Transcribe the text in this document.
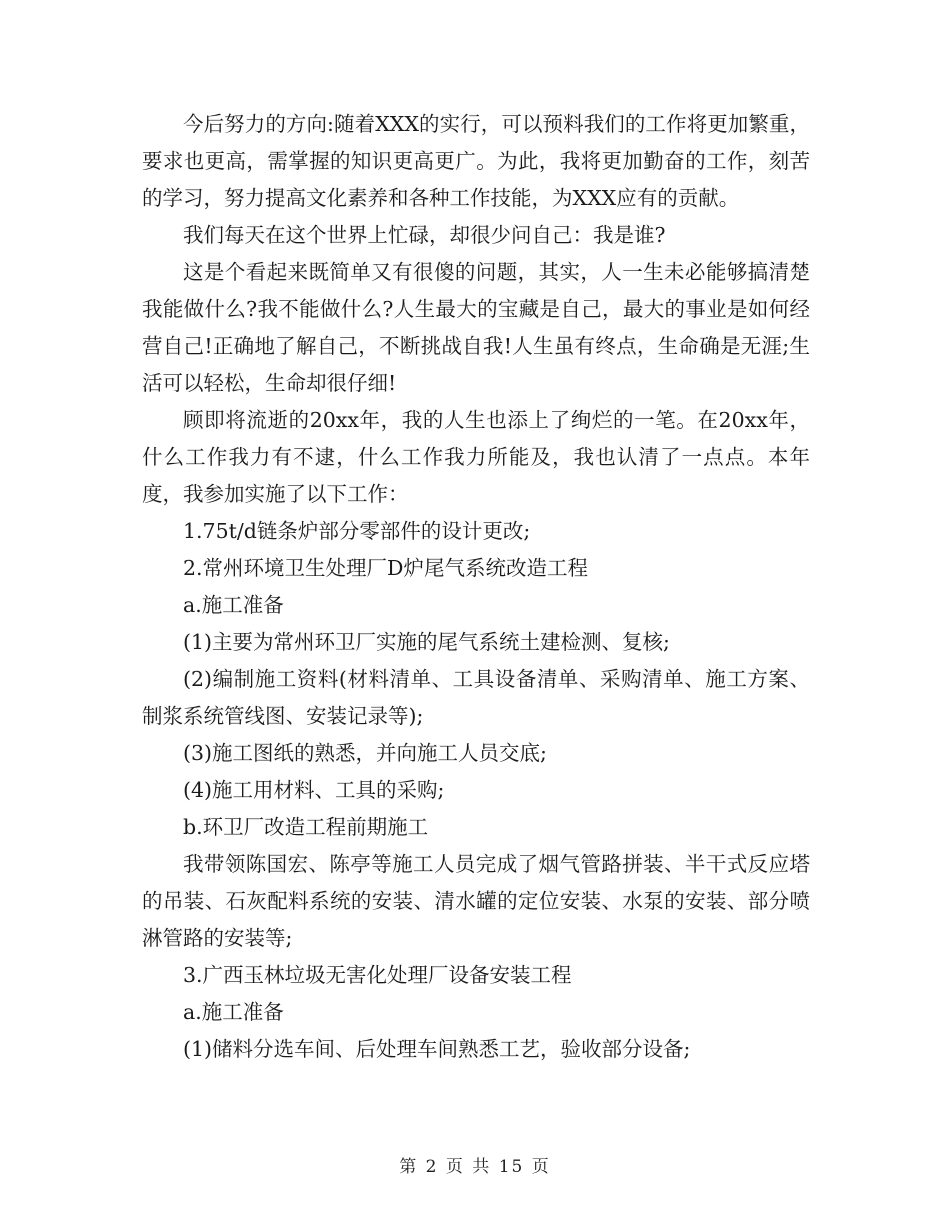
今后努力的方向:随着XXX的实行，可以预料我们的工作将更加繁重，要求也更高，需掌握的知识更高更广。为此，我将更加勤奋的工作，刻苦的学习，努力提高文化素养和各种工作技能，为XXX应有的贡献。

我们每天在这个世界上忙碌，却很少问自己：我是谁?

这是个看起来既简单又有很傻的问题，其实，人一生未必能够搞清楚我能做什么?我不能做什么?人生最大的宝藏是自己，最大的事业是如何经营自己!正确地了解自己，不断挑战自我!人生虽有终点，生命确是无涯;生活可以轻松，生命却很仔细!

顾即将流逝的20xx年，我的人生也添上了绚烂的一笔。在20xx年，什么工作我力有不逮，什么工作我力所能及，我也认清了一点点。本年度，我参加实施了以下工作：

1.75t/d链条炉部分零部件的设计更改;

2.常州环境卫生处理厂D炉尾气系统改造工程

a.施工准备

(1)主要为常州环卫厂实施的尾气系统土建检测、复核;

(2)编制施工资料(材料清单、工具设备清单、采购清单、施工方案、制浆系统管线图、安装记录等);

(3)施工图纸的熟悉，并向施工人员交底;

(4)施工用材料、工具的采购;

b.环卫厂改造工程前期施工

我带领陈国宏、陈亭等施工人员完成了烟气管路拼装、半干式反应塔的吊装、石灰配料系统的安装、清水罐的定位安装、水泵的安装、部分喷淋管路的安装等;

3.广西玉林垃圾无害化处理厂设备安装工程

a.施工准备

(1)储料分选车间、后处理车间熟悉工艺，验收部分设备;

第 2 页 共 15 页
